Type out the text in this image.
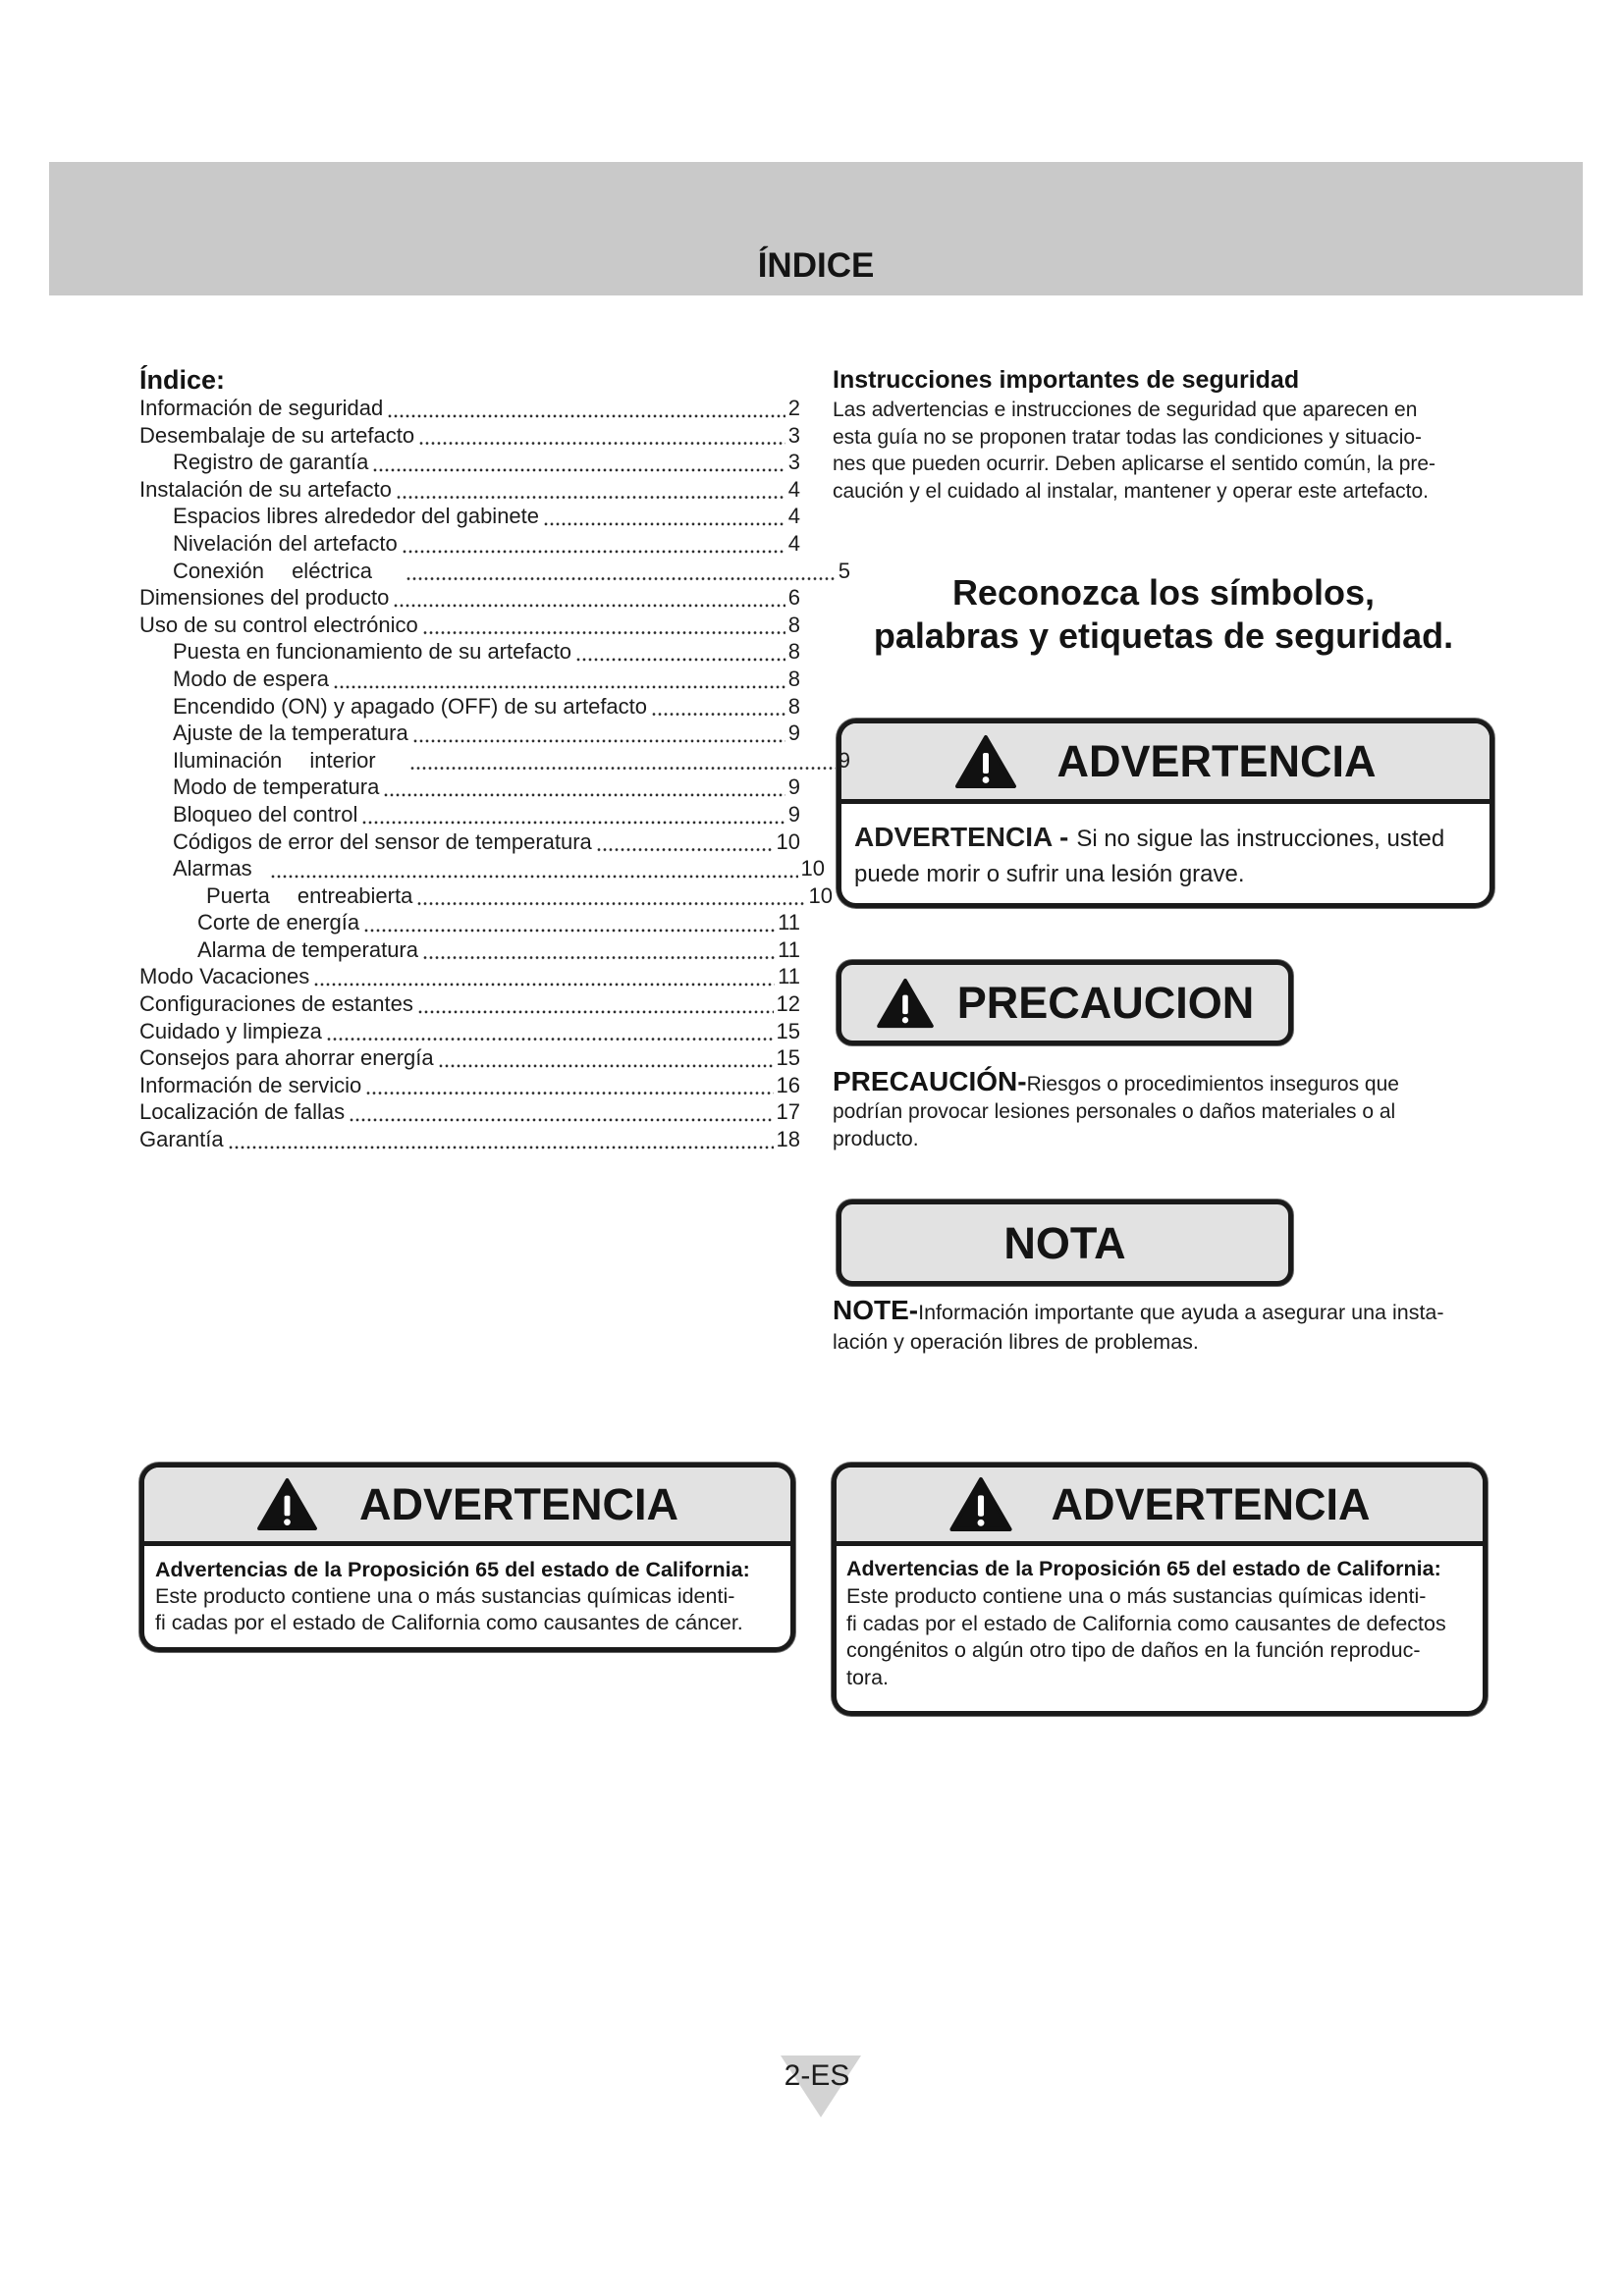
ÍNDICE
Índice:
Información de seguridad	2
Desembalaje de su artefacto	3
Registro de garantía	3
Instalación de su artefacto	4
Espacios libres alrededor del gabinete	4
Nivelación del artefacto	4
Conexión eléctrica	5
Dimensiones del producto	6
Uso de su control electrónico	8
Puesta en funcionamiento de su artefacto	8
Modo de espera	8
Encendido (ON) y apagado (OFF) de su artefacto	8
Ajuste de la temperatura	9
Iluminación interior	9
Modo de temperatura	9
Bloqueo del control	9
Códigos de error del sensor de temperatura	10
Alarmas	10
Puerta entreabierta	10
Corte de energía	11
Alarma de temperatura	11
Modo Vacaciones	11
Configuraciones de estantes	12
Cuidado y limpieza	15
Consejos para ahorrar energía	15
Información de servicio	16
Localización de fallas	17
Garantía	18
Instrucciones importantes de seguridad
Las advertencias e instrucciones de seguridad que aparecen en
esta guía no se proponen tratar todas las condiciones y situacio-
nes que pueden ocurrir. Deben aplicarse el sentido común, la pre-
caución y el cuidado al instalar, mantener y operar este artefacto.
Reconozca los símbolos,
palabras y etiquetas de seguridad.
ADVERTENCIA
ADVERTENCIA - Si no sigue las instrucciones, usted
puede morir o sufrir una lesión grave.
PRECAUCION
PRECAUCIÓN-Riesgos o procedimientos inseguros que
podrían provocar lesiones personales o daños materiales o al
producto.
NOTA
NOTE-Información importante que ayuda a asegurar una insta-
lación y operación libres de problemas.
ADVERTENCIA
Advertencias de la Proposición 65 del estado de California:
Este producto contiene una o más sustancias químicas identi-
fi cadas por el estado de California como causantes de cáncer.
ADVERTENCIA
Advertencias de la Proposición 65 del estado de California:
Este producto contiene una o más sustancias químicas identi-
fi cadas por el estado de California como causantes de defectos
congénitos o algún otro tipo de daños en la función reproduc-
tora.
2-ES
